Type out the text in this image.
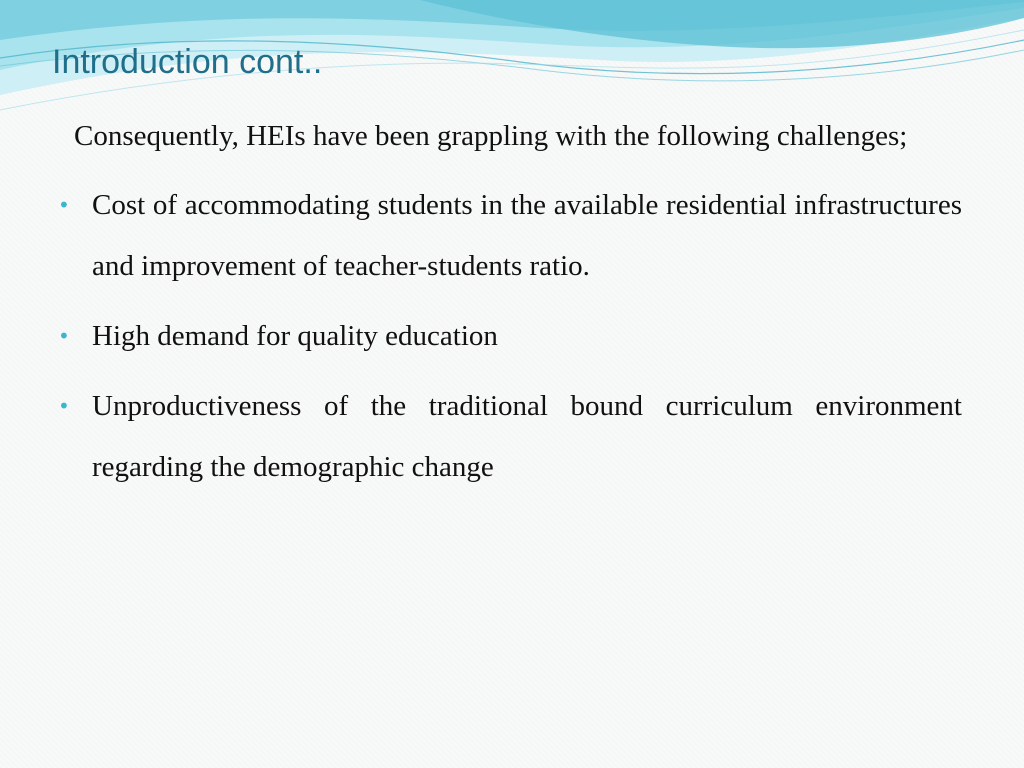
Introduction cont..

Consequently, HEIs have been grappling with the following challenges;

• Cost of accommodating students in the available residential infrastructures and improvement of teacher-students ratio.
• High demand for quality education
• Unproductiveness of the traditional bound curriculum environment regarding the demographic change
